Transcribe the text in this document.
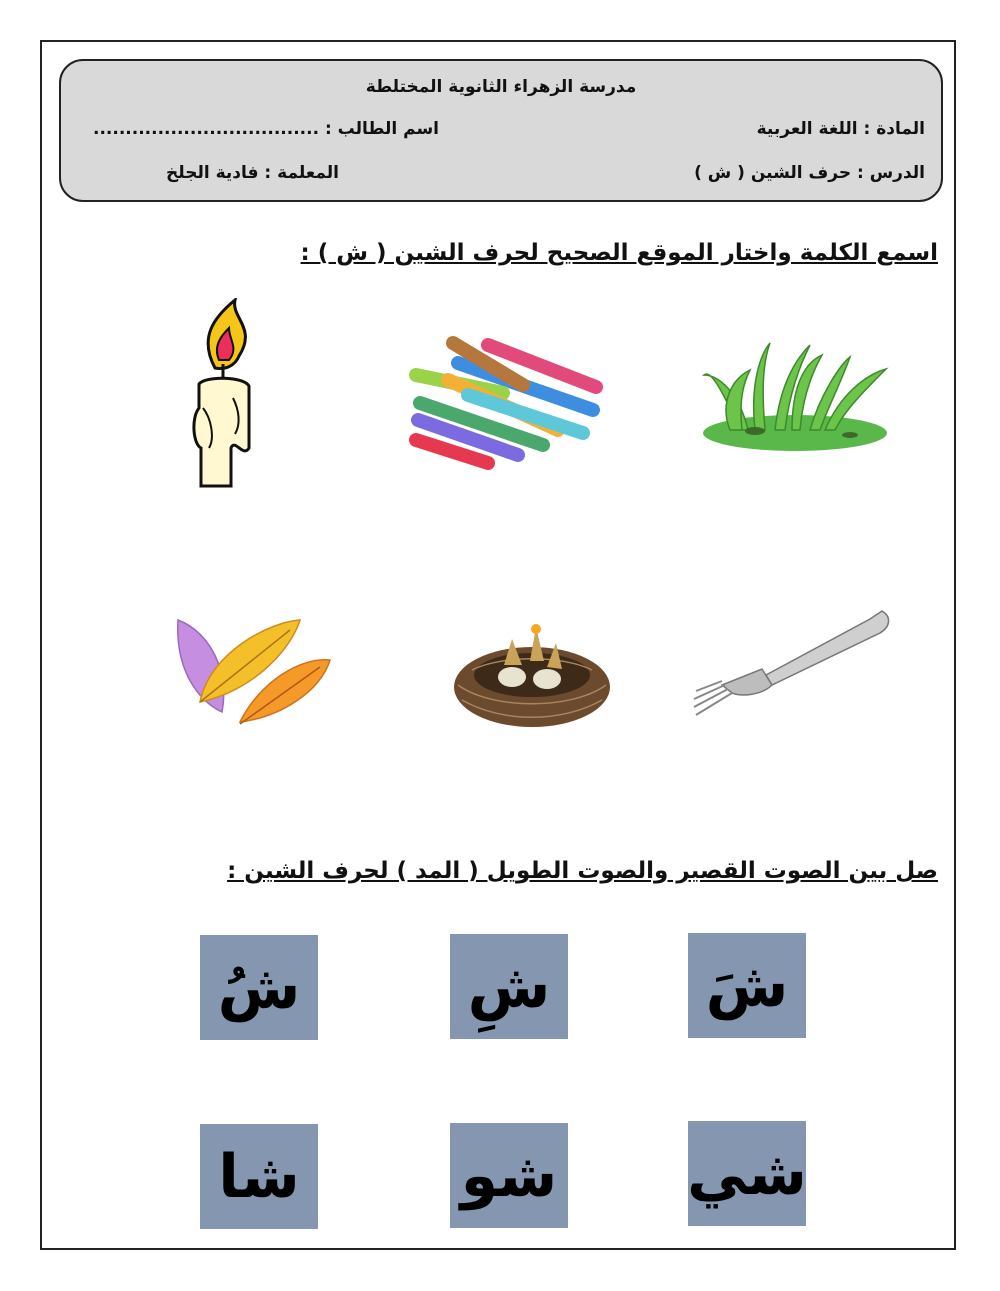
مدرسة الزهراء الثانوية المختلطة
المادة : اللغة العربية
اسم الطالب : ...................................
الدرس : حرف الشين ( ش )
المعلمة : فادية الجلخ
اسمع الكلمة واختار الموقع الصحيح لحرف الشين ( ش ) :
صل بين الصوت القصير والصوت الطويل ( المد ) لحرف الشين :
شُ	شِ	شَ
شا	شو شي
